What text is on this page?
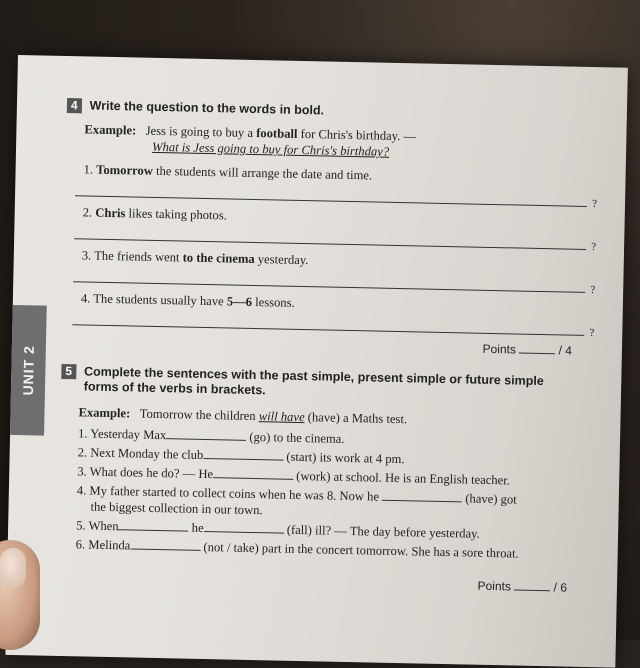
UNIT 2
4 Write the question to the words in bold.
Example: Jess is going to buy a football for Chris's birthday. —
What is Jess going to buy for Chris's birthday?
1. Tomorrow the students will arrange the date and time.
?
2. Chris likes taking photos.
?
3. The friends went to the cinema yesterday.
?
4. The students usually have 5—6 lessons.
?
Points	/ 4
5 Complete the sentences with the past simple, present simple or future simple forms of the verbs in brackets.
Example: Tomorrow the children will have (have) a Maths test.
1. Yesterday Max	(go) to the cinema.
2. Next Monday the club	(start) its work at 4 pm.
3. What does he do? — He	(work) at school. He is an English teacher.
4. My father started to collect coins when he was 8. Now he	(have) got
the biggest collection in our town.
5. When	he	(fall) ill? — The day before yesterday.
6. Melinda	(not / take) part in the concert tomorrow. She has a sore throat.
Points	/ 6
